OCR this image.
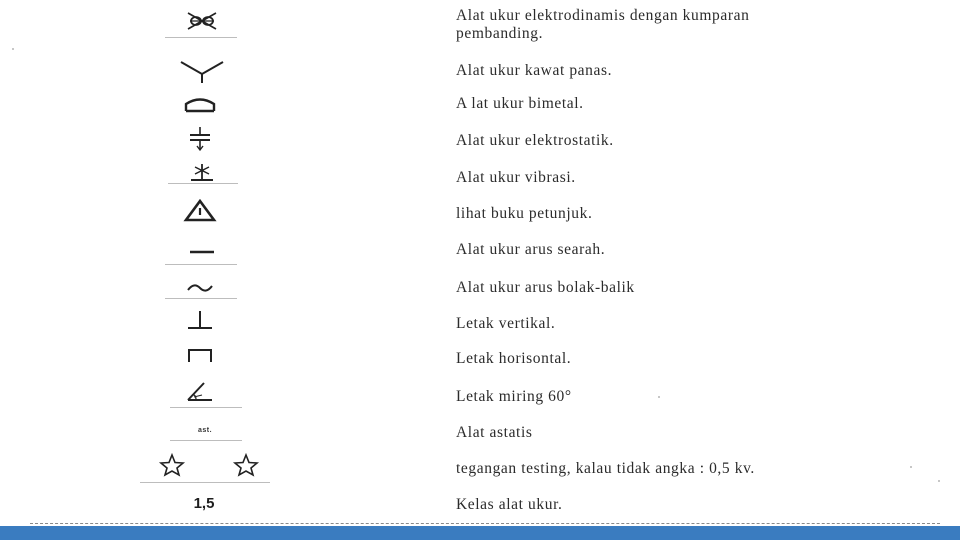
Alat ukur elektrodinamis dengan kumparan
pembanding.
Alat ukur kawat panas.
A lat ukur bimetal.
Alat ukur elektrostatik.
Alat ukur vibrasi.
lihat buku petunjuk.
Alat ukur arus searah.
Alat ukur arus bolak-balik
Letak vertikal.
Letak horisontal.
Letak miring 60°
ast.	Alat astatis
tegangan testing, kalau tidak angka : 0,5 kv.
1,5	Kelas alat ukur.
